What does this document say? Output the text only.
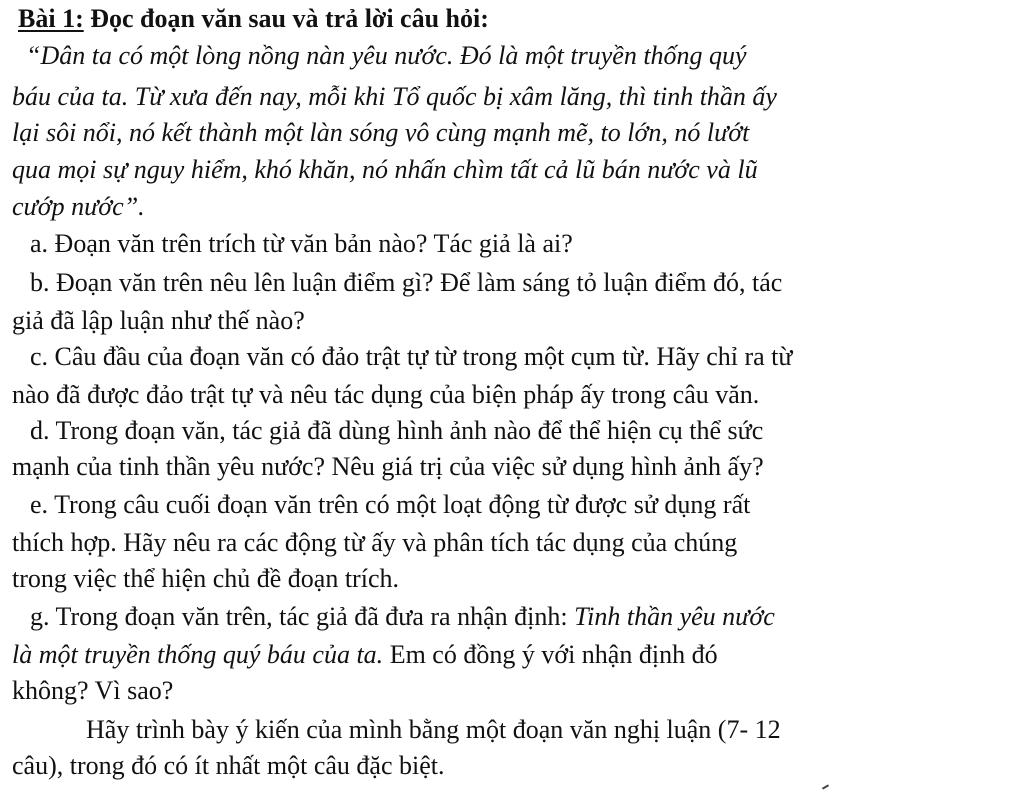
Bài 1: Đọc đoạn văn sau và trả lời câu hỏi:
“Dân ta có một lòng nồng nàn yêu nước. Đó là một truyền thống quý
báu của ta. Từ xưa đến nay, mỗi khi Tổ quốc bị xâm lăng, thì tinh thần ấy
lại sôi nổi, nó kết thành một làn sóng vô cùng mạnh mẽ, to lớn, nó lướt
qua mọi sự nguy hiểm, khó khăn, nó nhấn chìm tất cả lũ bán nước và lũ
cướp nước”.
a. Đoạn văn trên trích từ văn bản nào? Tác giả là ai?
b. Đoạn văn trên nêu lên luận điểm gì? Để làm sáng tỏ luận điểm đó, tác
giả đã lập luận như thế nào?
c. Câu đầu của đoạn văn có đảo trật tự từ trong một cụm từ. Hãy chỉ ra từ
nào đã được đảo trật tự và nêu tác dụng của biện pháp ấy trong câu văn.
d. Trong đoạn văn, tác giả đã dùng hình ảnh nào để thể hiện cụ thể sức
mạnh của tinh thần yêu nước? Nêu giá trị của việc sử dụng hình ảnh ấy?
e. Trong câu cuối đoạn văn trên có một loạt động từ được sử dụng rất
thích hợp. Hãy nêu ra các động từ ấy và phân tích tác dụng của chúng
trong việc thể hiện chủ đề đoạn trích.
g. Trong đoạn văn trên, tác giả đã đưa ra nhận định: Tinh thần yêu nước
là một truyền thống quý báu của ta. Em có đồng ý với nhận định đó
không? Vì sao?
Hãy trình bày ý kiến của mình bằng một đoạn văn nghị luận (7- 12
câu), trong đó có ít nhất một câu đặc biệt.
